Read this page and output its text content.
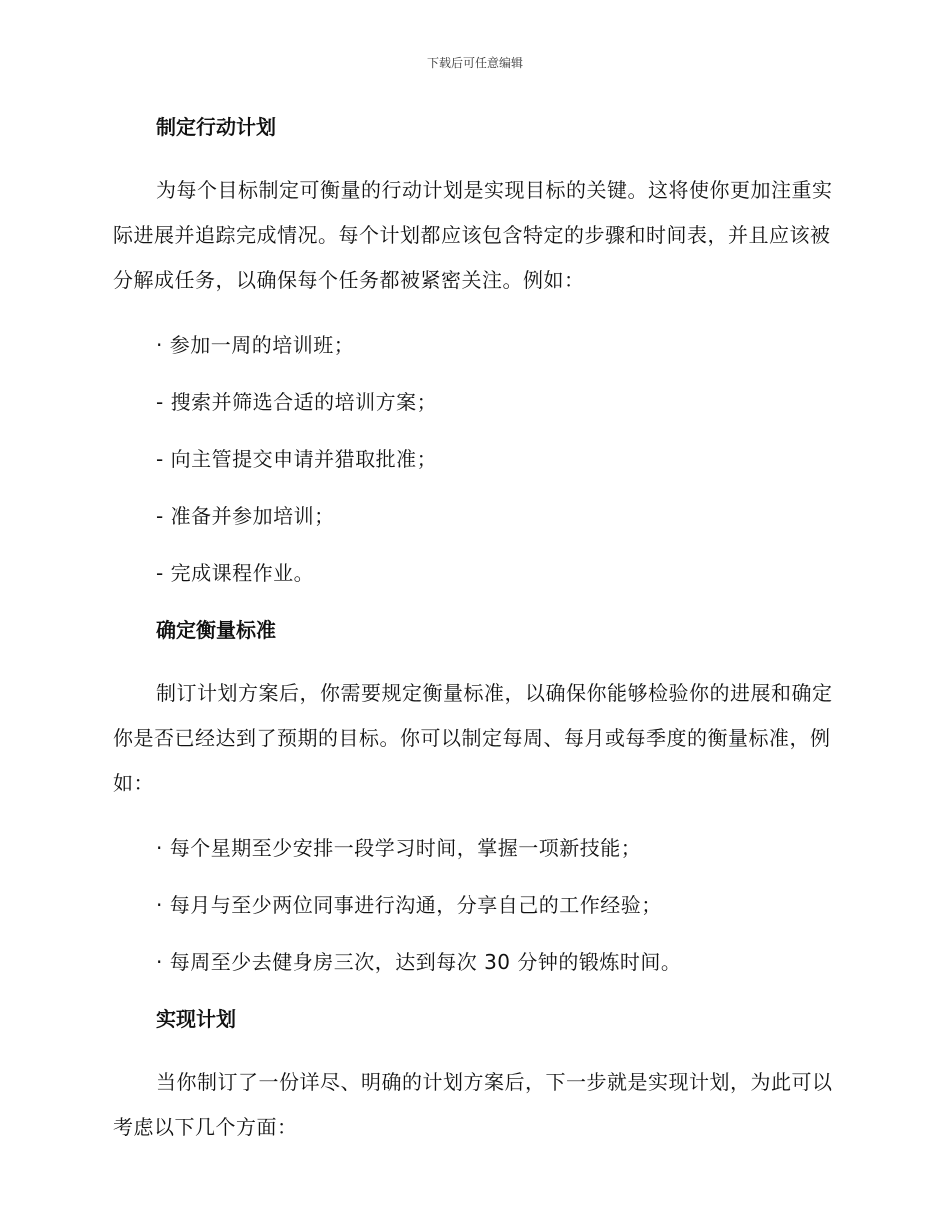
下载后可任意编辑
制定行动计划

为每个目标制定可衡量的行动计划是实现目标的关键。这将使你更加注重实际进展并追踪完成情况。每个计划都应该包含特定的步骤和时间表，并且应该被分解成任务，以确保每个任务都被紧密关注。例如：

· 参加一周的培训班；
- 搜索并筛选合适的培训方案；
- 向主管提交申请并猎取批准；
- 准备并参加培训；
- 完成课程作业。
确定衡量标准

制订计划方案后，你需要规定衡量标准，以确保你能够检验你的进展和确定你是否已经达到了预期的目标。你可以制定每周、每月或每季度的衡量标准，例如：

· 每个星期至少安排一段学习时间，掌握一项新技能；
· 每月与至少两位同事进行沟通，分享自己的工作经验；
· 每周至少去健身房三次，达到每次 30 分钟的锻炼时间。
实现计划

当你制订了一份详尽、明确的计划方案后，下一步就是实现计划，为此可以考虑以下几个方面：
